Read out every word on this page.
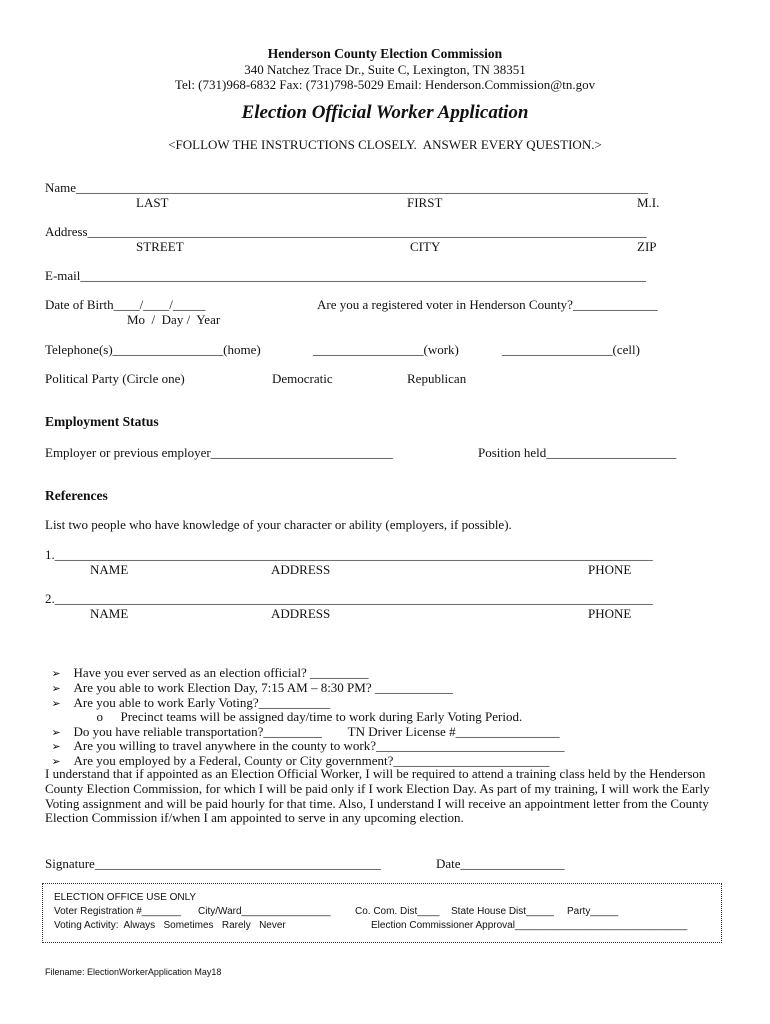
Henderson County Election Commission
340 Natchez Trace Dr., Suite C, Lexington, TN 38351
Tel: (731)968-6832 Fax: (731)798-5029 Email: Henderson.Commission@tn.gov
Election Official Worker Application
<FOLLOW THE INSTRUCTIONS CLOSELY.  ANSWER EVERY QUESTION.>
Name________________________________________________________________________________________
LAST	FIRST	M.I.
Address______________________________________________________________________________________
STREET	CITY	ZIP
E-mail_______________________________________________________________________________________
Date of Birth____/____/_____
Mo  /  Day /  Year
Are you a registered voter in Henderson County?_____________
Telephone(s)_________________(home)	_________________(work)	_________________(cell)
Political Party (Circle one)	Democratic	Republican
Employment Status
Employer or previous employer____________________________	Position held____________________
References
List two people who have knowledge of your character or ability (employers, if possible).
1.____________________________________________________________________________________________
NAME	ADDRESS	PHONE
2.____________________________________________________________________________________________
NAME	ADDRESS	PHONE

➢ Have you ever served as an election official? _________

➢ Are you able to work Election Day, 7:15 AM – 8:30 PM? ____________

➢ Are you able to work Early Voting?___________

o Precinct teams will be assigned day/time to work during Early Voting Period.

➢ Do you have reliable transportation?_________        TN Driver License #________________

➢ Are you willing to travel anywhere in the county to work?_____________________________

➢ Are you employed by a Federal, County or City government?________________________

I understand that if appointed as an Election Official Worker, I will be required to attend a training class held by the Henderson County Election Commission, for which I will be paid only if I work Election Day. As part of my training, I will work the Early Voting assignment and will be paid hourly for that time. Also, I understand I will receive an appointment letter from the County Election Commission if/when I am appointed to serve in any upcoming election.
Signature____________________________________________	Date________________
ELECTION OFFICE USE ONLY
Voter Registration #_______ City/Ward________________ Co. Com. Dist____ State House Dist_____ Party_____
Voting Activity:  Always   Sometimes   Rarely   Never	Election Commissioner Approval_______________________________
Filename: ElectionWorkerApplication May18
